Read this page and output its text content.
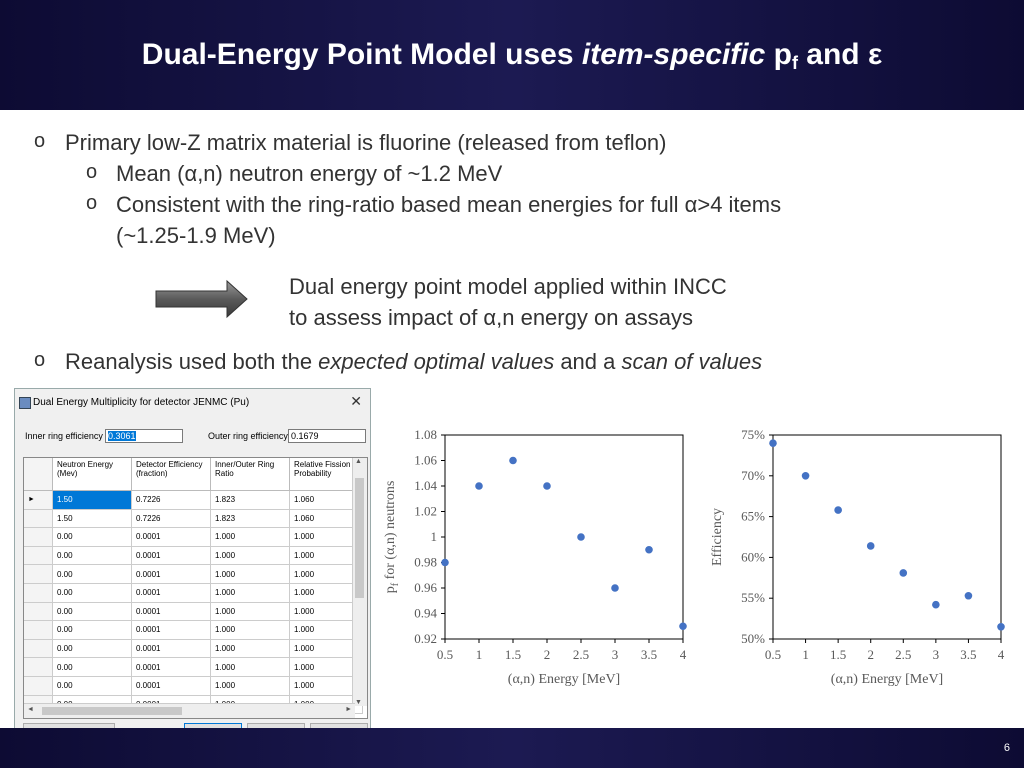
Dual-Energy Point Model uses item-specific $p_f$ and ε
o Primary low-Z matrix material is fluorine (released from teflon)
o Mean (α,n) neutron energy of ~1.2 MeV
o Consistent with the ring-ratio based mean energies for full α>4 items
(~1.25-1.9 MeV)
Dual energy point model applied within INCC
to assess impact of α,n energy on assays
o Reanalysis used both the expected optimal values and a scan of values
Dual Energy Multiplicity for detector JENMC (Pu)	✕
Inner ring efficiency 0.3061	Outer ring efficiency 0.1679
	Neutron Energy (Mev)	Detector Efficiency (fraction)	Inner/Outer Ring Ratio	Relative Fission Probability
►	1.50	0.7226	1.823	1.060
	1.50	0.7226	1.823	1.060
	0.00	0.0001	1.000	1.000
	0.00	0.0001	1.000	1.000
	0.00	0.0001	1.000	1.000
	0.00	0.0001	1.000	1.000
	0.00	0.0001	1.000	1.000
	0.00	0.0001	1.000	1.000
	0.00	0.0001	1.000	1.000
	0.00	0.0001	1.000	1.000
	0.00	0.0001	1.000	1.000

▲
▼
◄	►
0.5 1 1.5 2 2.5 3 3.5 4
0.92
0.94
0.96
0.98
1
1.02
1.04
1.06
1.08
(α,n) Energy [MeV]
$p_f$ for (α,n) neutrons
0.5 1 1.5 2 2.5 3 3.5 4
50%
55%
60%
65%
70%
75%
(α,n) Energy [MeV]
Efficiency
6
